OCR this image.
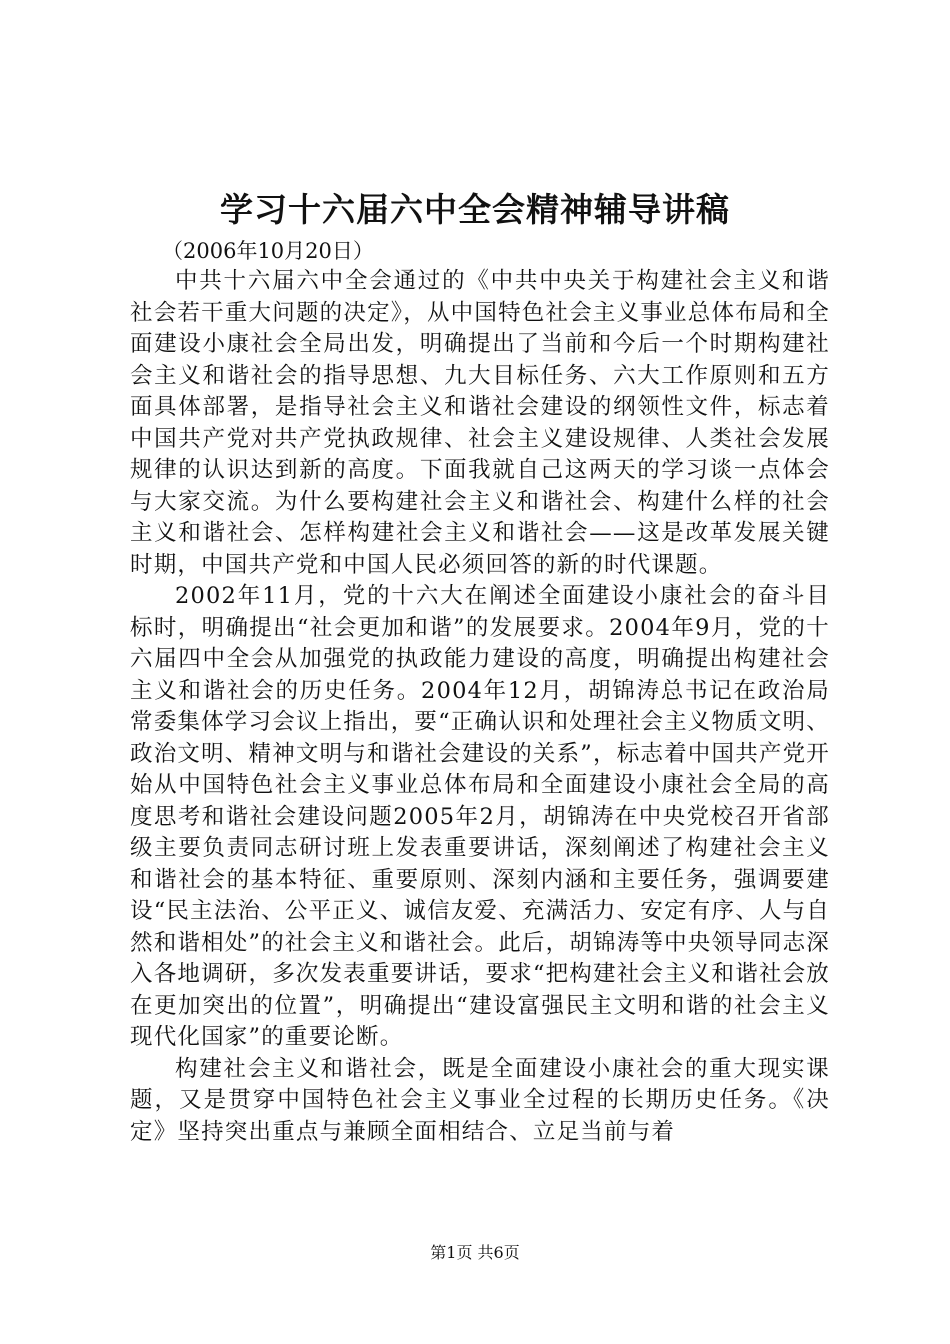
学习十六届六中全会精神辅导讲稿
（2006年10月20日）

中共十六届六中全会通过的《中共中央关于构建社会主义和谐社会若干重大问题的决定》，从中国特色社会主义事业总体布局和全面建设小康社会全局出发，明确提出了当前和今后一个时期构建社会主义和谐社会的指导思想、九大目标任务、六大工作原则和五方面具体部署，是指导社会主义和谐社会建设的纲领性文件，标志着中国共产党对共产党执政规律、社会主义建设规律、人类社会发展规律的认识达到新的高度。下面我就自己这两天的学习谈一点体会与大家交流。为什么要构建社会主义和谐社会、构建什么样的社会主义和谐社会、怎样构建社会主义和谐社会——这是改革发展关键时期，中国共产党和中国人民必须回答的新的时代课题。

2002年11月，党的十六大在阐述全面建设小康社会的奋斗目标时，明确提出“社会更加和谐”的发展要求。2004年9月，党的十六届四中全会从加强党的执政能力建设的高度，明确提出构建社会主义和谐社会的历史任务。2004年12月，胡锦涛总书记在政治局常委集体学习会议上指出，要“正确认识和处理社会主义物质文明、政治文明、精神文明与和谐社会建设的关系”，标志着中国共产党开始从中国特色社会主义事业总体布局和全面建设小康社会全局的高度思考和谐社会建设问题2005年2月，胡锦涛在中央党校召开省部级主要负责同志研讨班上发表重要讲话，深刻阐述了构建社会主义和谐社会的基本特征、重要原则、深刻内涵和主要任务，强调要建设“民主法治、公平正义、诚信友爱、充满活力、安定有序、人与自然和谐相处”的社会主义和谐社会。此后，胡锦涛等中央领导同志深入各地调研，多次发表重要讲话，要求“把构建社会主义和谐社会放在更加突出的位置”，明确提出“建设富强民主文明和谐的社会主义现代化国家”的重要论断。

构建社会主义和谐社会，既是全面建设小康社会的重大现实课题，又是贯穿中国特色社会主义事业全过程的长期历史任务。《决定》坚持突出重点与兼顾全面相结合、立足当前与着

第1页 共6页
